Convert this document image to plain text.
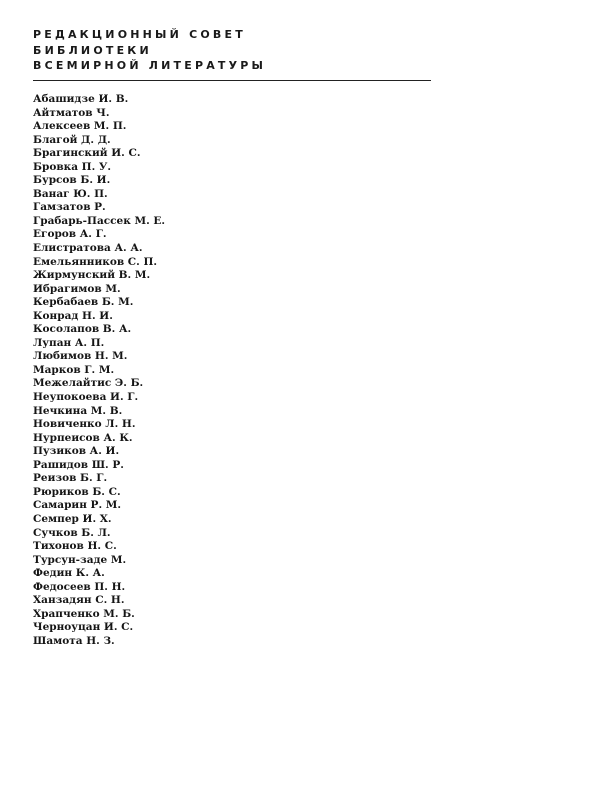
РЕДАКЦИОННЫЙ СОВЕТ
БИБЛИОТЕКИ
ВСЕМИРНОЙ ЛИТЕРАТУРЫ
Абашидзе И. В.
Айтматов Ч.
Алексеев М. П.
Благой Д. Д.
Брагинский И. С.
Бровка П. У.
Бурсов Б. И.
Ванаг Ю. П.
Гамзатов Р.
Грабарь-Пассек М. Е.
Егоров А. Г.
Елистратова А. А.
Емельянников С. П.
Жирмунский В. М.
Ибрагимов М.
Кербабаев Б. М.
Конрад Н. И.
Косолапов В. А.
Лупан А. П.
Любимов Н. М.
Марков Г. М.
Межелайтис Э. Б.
Неупокоева И. Г.
Нечкина М. В.
Новиченко Л. Н.
Нурпеисов А. К.
Пузиков А. И.
Рашидов Ш. Р.
Реизов Б. Г.
Рюриков Б. С.
Самарин Р. М.
Семпер И. Х.
Сучков Б. Л.
Тихонов Н. С.
Турсун-заде М.
Федин К. А.
Федосеев П. Н.
Ханзадян С. Н.
Храпченко М. Б.
Черноуцан И. С.
Шамота Н. З.
